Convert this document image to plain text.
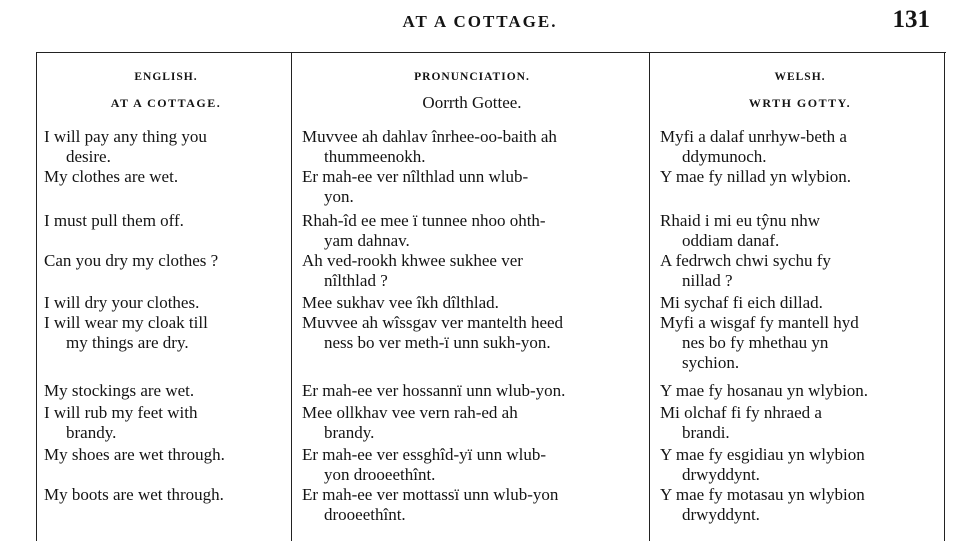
AT A COTTAGE.	131
ENGLISH.
AT A COTTAGE.
I will pay any thing you
desire.
My clothes are wet.
I must pull them off.
Can you dry my clothes ?
I will dry your clothes.
I will wear my cloak till
my things are dry.
My stockings are wet.
I will rub my feet with
brandy.
My shoes are wet through.
My boots are wet through.
PRONUNCIATION.
Oorrth Gottee.
Muvvee ah dahlav înrhee-oo-baith ah
thummeenokh.
Er mah-ee ver nîlthlad unn wlub-
yon.
Rhah-îd ee mee ï tunnee nhoo ohth-
yam dahnav.
Ah ved-rookh khwee sukhee ver
nîlthlad ?
Mee sukhav vee îkh dîlthlad.
Muvvee ah wîssgav ver mantelth heed
ness bo ver meth-ï unn sukh-yon.
Er mah-ee ver hossannï unn wlub-yon.
Mee ollkhav vee vern rah-ed ah
brandy.
Er mah-ee ver essghîd-yï unn wlub-
yon drooeethînt.
Er mah-ee ver mottassï unn wlub-yon
drooeethînt.
WELSH.
WRTH GOTTY.
Myfi a dalaf unrhyw-beth a
ddymunoch.
Y mae fy nillad yn wlybion.
Rhaid i mi eu tŷnu nhw
oddiam danaf.
A fedrwch chwi sychu fy
nillad ?
Mi sychaf fi eich dillad.
Myfi a wisgaf fy mantell hyd
nes bo fy mhethau yn
sychion.
Y mae fy hosanau yn wlybion.
Mi olchaf fi fy nhraed a
brandi.
Y mae fy esgidiau yn wlybion
drwyddynt.
Y mae fy motasau yn wlybion
drwyddynt.
